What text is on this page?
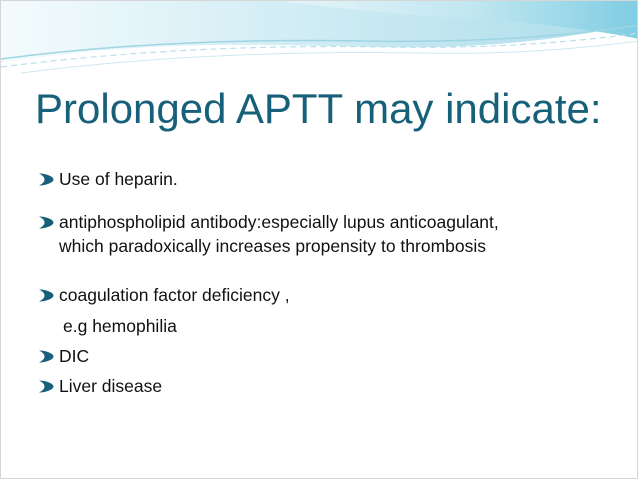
Prolonged APTT may indicate:
Use of heparin.
antiphospholipid antibody:especially lupus anticoagulant,
which paradoxically increases propensity to thrombosis
coagulation factor deficiency ,
e.g hemophilia
DIC
Liver disease
